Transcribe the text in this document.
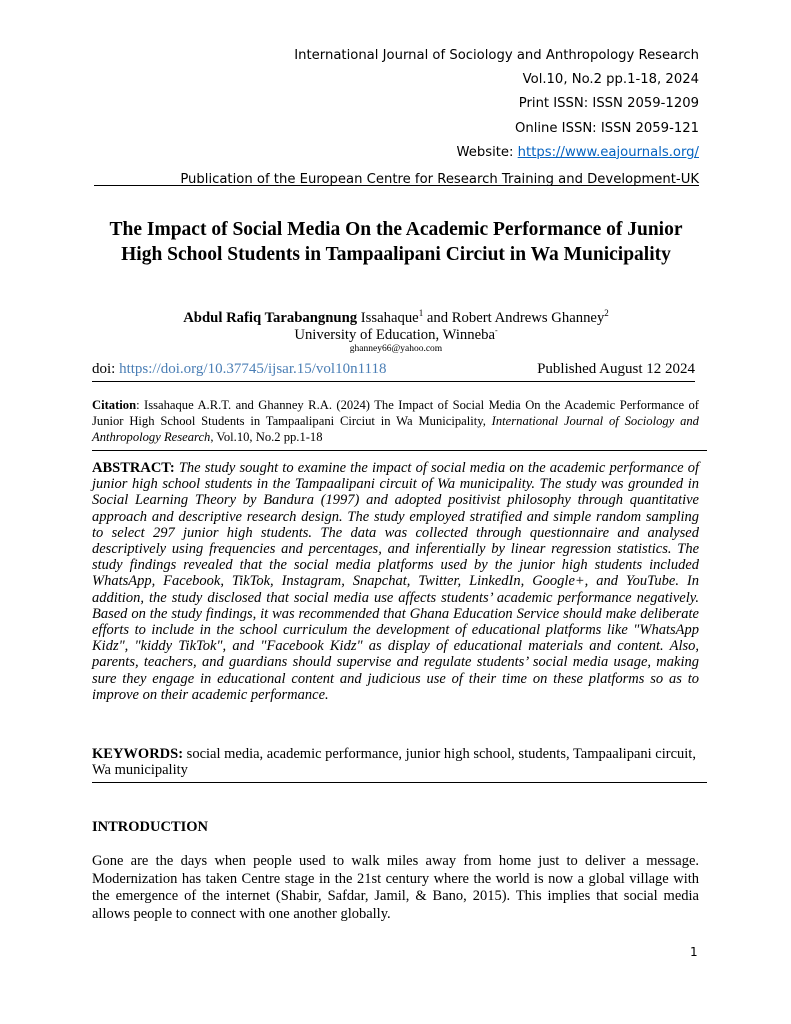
International Journal of Sociology and Anthropology Research
Vol.10, No.2 pp.1-18, 2024
Print ISSN: ISSN 2059-1209
Online ISSN: ISSN 2059-121
Website: https://www.eajournals.org/
Publication of the European Centre for Research Training and Development-UK
The Impact of Social Media On the Academic Performance of Junior High School Students in Tampaalipani Circiut in Wa Municipality
Abdul Rafiq Tarabangnung Issahaque$^1$ and Robert Andrews Ghanney$^2$
University of Education, Winneba-
ghanney66@yahoo.com
doi: https://doi.org/10.37745/ijsar.15/vol10n1118	Published August 12 2024
Citation: Issahaque A.R.T. and Ghanney R.A. (2024) The Impact of Social Media On the Academic Performance of Junior High School Students in Tampaalipani Circiut in Wa Municipality, International Journal of Sociology and Anthropology Research, Vol.10, No.2 pp.1-18
ABSTRACT: The study sought to examine the impact of social media on the academic performance of junior high school students in the Tampaalipani circuit of Wa municipality. The study was grounded in Social Learning Theory by Bandura (1997) and adopted positivist philosophy through quantitative approach and descriptive research design. The study employed stratified and simple random sampling to select 297 junior high students. The data was collected through questionnaire and analysed descriptively using frequencies and percentages, and inferentially by linear regression statistics. The study findings revealed that the social media platforms used by the junior high students included WhatsApp, Facebook, TikTok, Instagram, Snapchat, Twitter, LinkedIn, Google+, and YouTube. In addition, the study disclosed that social media use affects students’ academic performance negatively. Based on the study findings, it was recommended that Ghana Education Service should make deliberate efforts to include in the school curriculum the development of educational platforms like "WhatsApp Kidz", "kiddy TikTok", and "Facebook Kidz" as display of educational materials and content. Also, parents, teachers, and guardians should supervise and regulate students’ social media usage, making sure they engage in educational content and judicious use of their time on these platforms so as to improve on their academic performance.
KEYWORDS: social media, academic performance, junior high school, students, Tampaalipani circuit, Wa municipality
INTRODUCTION
Gone are the days when people used to walk miles away from home just to deliver a message. Modernization has taken Centre stage in the 21st century where the world is now a global village with the emergence of the internet (Shabir, Safdar, Jamil, & Bano, 2015). This implies that social media allows people to connect with one another globally.
1
